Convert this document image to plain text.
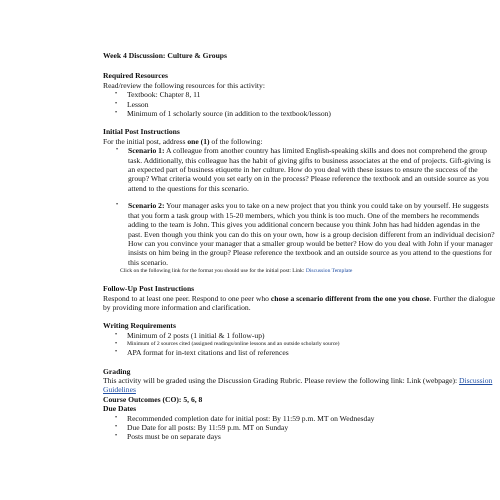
Week 4 Discussion: Culture & Groups

Required Resources

Read/review the following resources for this activity:

• Textbook: Chapter 8, 11
• Lesson
• Minimum of 1 scholarly source (in addition to the textbook/lesson)

Initial Post Instructions

For the initial post, address one (1) of the following:

• Scenario 1: A colleague from another country has limited English-speaking skills and does not comprehend the group task. Additionally, this colleague has the habit of giving gifts to business associates at the end of projects. Gift-giving is an expected part of business etiquette in her culture. How do you deal with these issues to ensure the success of the group? What criteria would you set early on in the process? Please reference the textbook and an outside source as you attend to the questions for this scenario.
• Scenario 2: Your manager asks you to take on a new project that you think you could take on by yourself. He suggests that you form a task group with 15-20 members, which you think is too much. One of the members he recommends adding to the team is John. This gives you additional concern because you think John has had hidden agendas in the past. Even though you think you can do this on your own, how is a group decision different from an individual decision? How can you convince your manager that a smaller group would be better? How do you deal with John if your manager insists on him being in the group? Please reference the textbook and an outside source as you attend to the questions for this scenario.

Click on the following link for the format you should use for the initial post: Link: Discussion Template

Follow-Up Post Instructions

Respond to at least one peer. Respond to one peer who chose a scenario different from the one you chose. Further the dialogue by providing more information and clarification.

Writing Requirements

• Minimum of 2 posts (1 initial & 1 follow-up)
• Minimum of 2 sources cited (assigned readings/online lessons and an outside scholarly source)
• APA format for in-text citations and list of references

Grading

This activity will be graded using the Discussion Grading Rubric. Please review the following link: Link (webpage): Discussion Guidelines

Course Outcomes (CO): 5, 6, 8

Due Dates

• Recommended completion date for initial post: By 11:59 p.m. MT on Wednesday
• Due Date for all posts: By 11:59 p.m. MT on Sunday
• Posts must be on separate days
